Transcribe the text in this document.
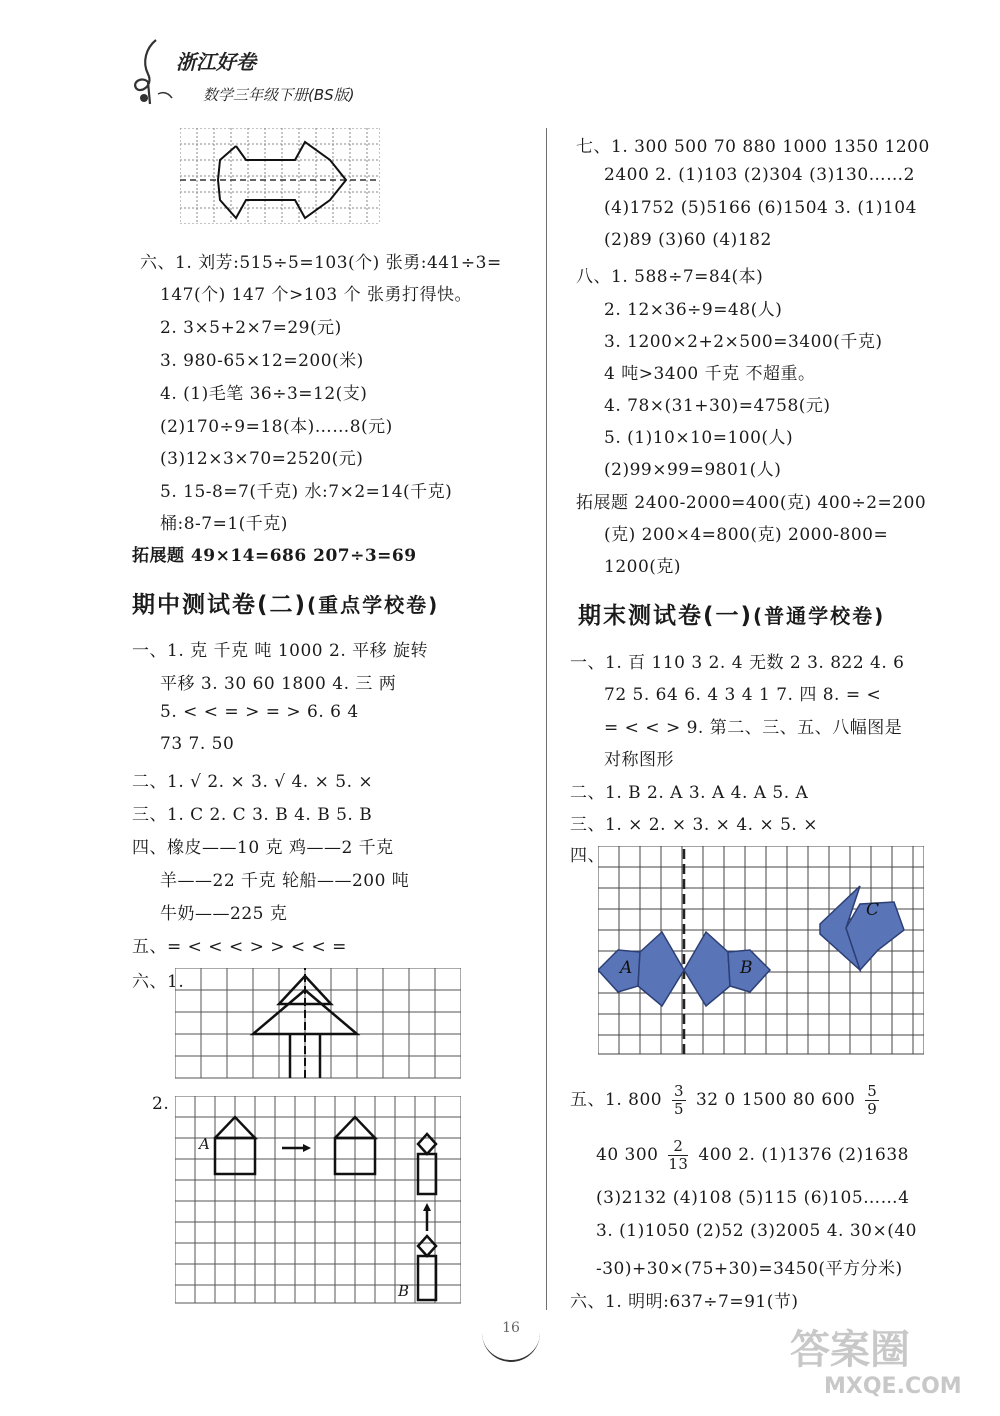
浙江好卷
数学三年级下册(BS版)
六、1. 刘芳:515÷5=103(个) 张勇:441÷3=
147(个) 147 个>103 个 张勇打得快。
2. 3×5+2×7=29(元)
3. 980-65×12=200(米)
4. (1)毛笔 36÷3=12(支)
(2)170÷9=18(本)……8(元)
(3)12×3×70=2520(元)
5. 15-8=7(千克) 水:7×2=14(千克)
桶:8-7=1(千克)
拓展题 49×14=686 207÷3=69
期中测试卷(二)(重点学校卷)
一、1. 克 千克 吨 1000 2. 平移 旋转
平移 3. 30 60 1800 4. 三 两
5. < < = > = > 6. 6 4
73 7. 50
二、1. √ 2. × 3. √ 4. × 5. ×
三、1. C 2. C 3. B 4. B 5. B
四、橡皮——10 克 鸡——2 千克
羊——22 千克 轮船——200 吨
牛奶——225 克
五、= < < < > > < < =
六、1.
2.
A
B
七、1. 300 500 70 880 1000 1350 1200
2400 2. (1)103 (2)304 (3)130……2
(4)1752 (5)5166 (6)1504 3. (1)104
(2)89 (3)60 (4)182
八、1. 588÷7=84(本)
2. 12×36÷9=48(人)
3. 1200×2+2×500=3400(千克)
4 吨>3400 千克 不超重。
4. 78×(31+30)=4758(元)
5. (1)10×10=100(人)
(2)99×99=9801(人)
拓展题 2400-2000=400(克) 400÷2=200
(克) 200×4=800(克) 2000-800=
1200(克)
期末测试卷(一)(普通学校卷)
一、1. 百 110 3 2. 4 无数 2 3. 822 4. 6
72 5. 64 6. 4 3 4 1 7. 四 8. = <
= < < > 9. 第二、三、五、八幅图是
对称图形
二、1. B 2. A 3. A 4. A 5. A
三、1. × 2. × 3. × 4. × 5. ×
四、
A	B
C
五、1. $800 \frac{3}{5} 32$ 0 1500 80 $600 \frac{5}{9}$
40 $300 \frac{2}{13} 400$ 2. (1)1376 (2)1638
(3)2132 (4)108 (5)115 (6)105……4
3. (1)1050 (2)52 (3)2005 4. 30×(40
-30)+30×(75+30)=3450(平方分米)
六、1. 明明:637÷7=91(节)
16	答案圈
MXQE.COM
